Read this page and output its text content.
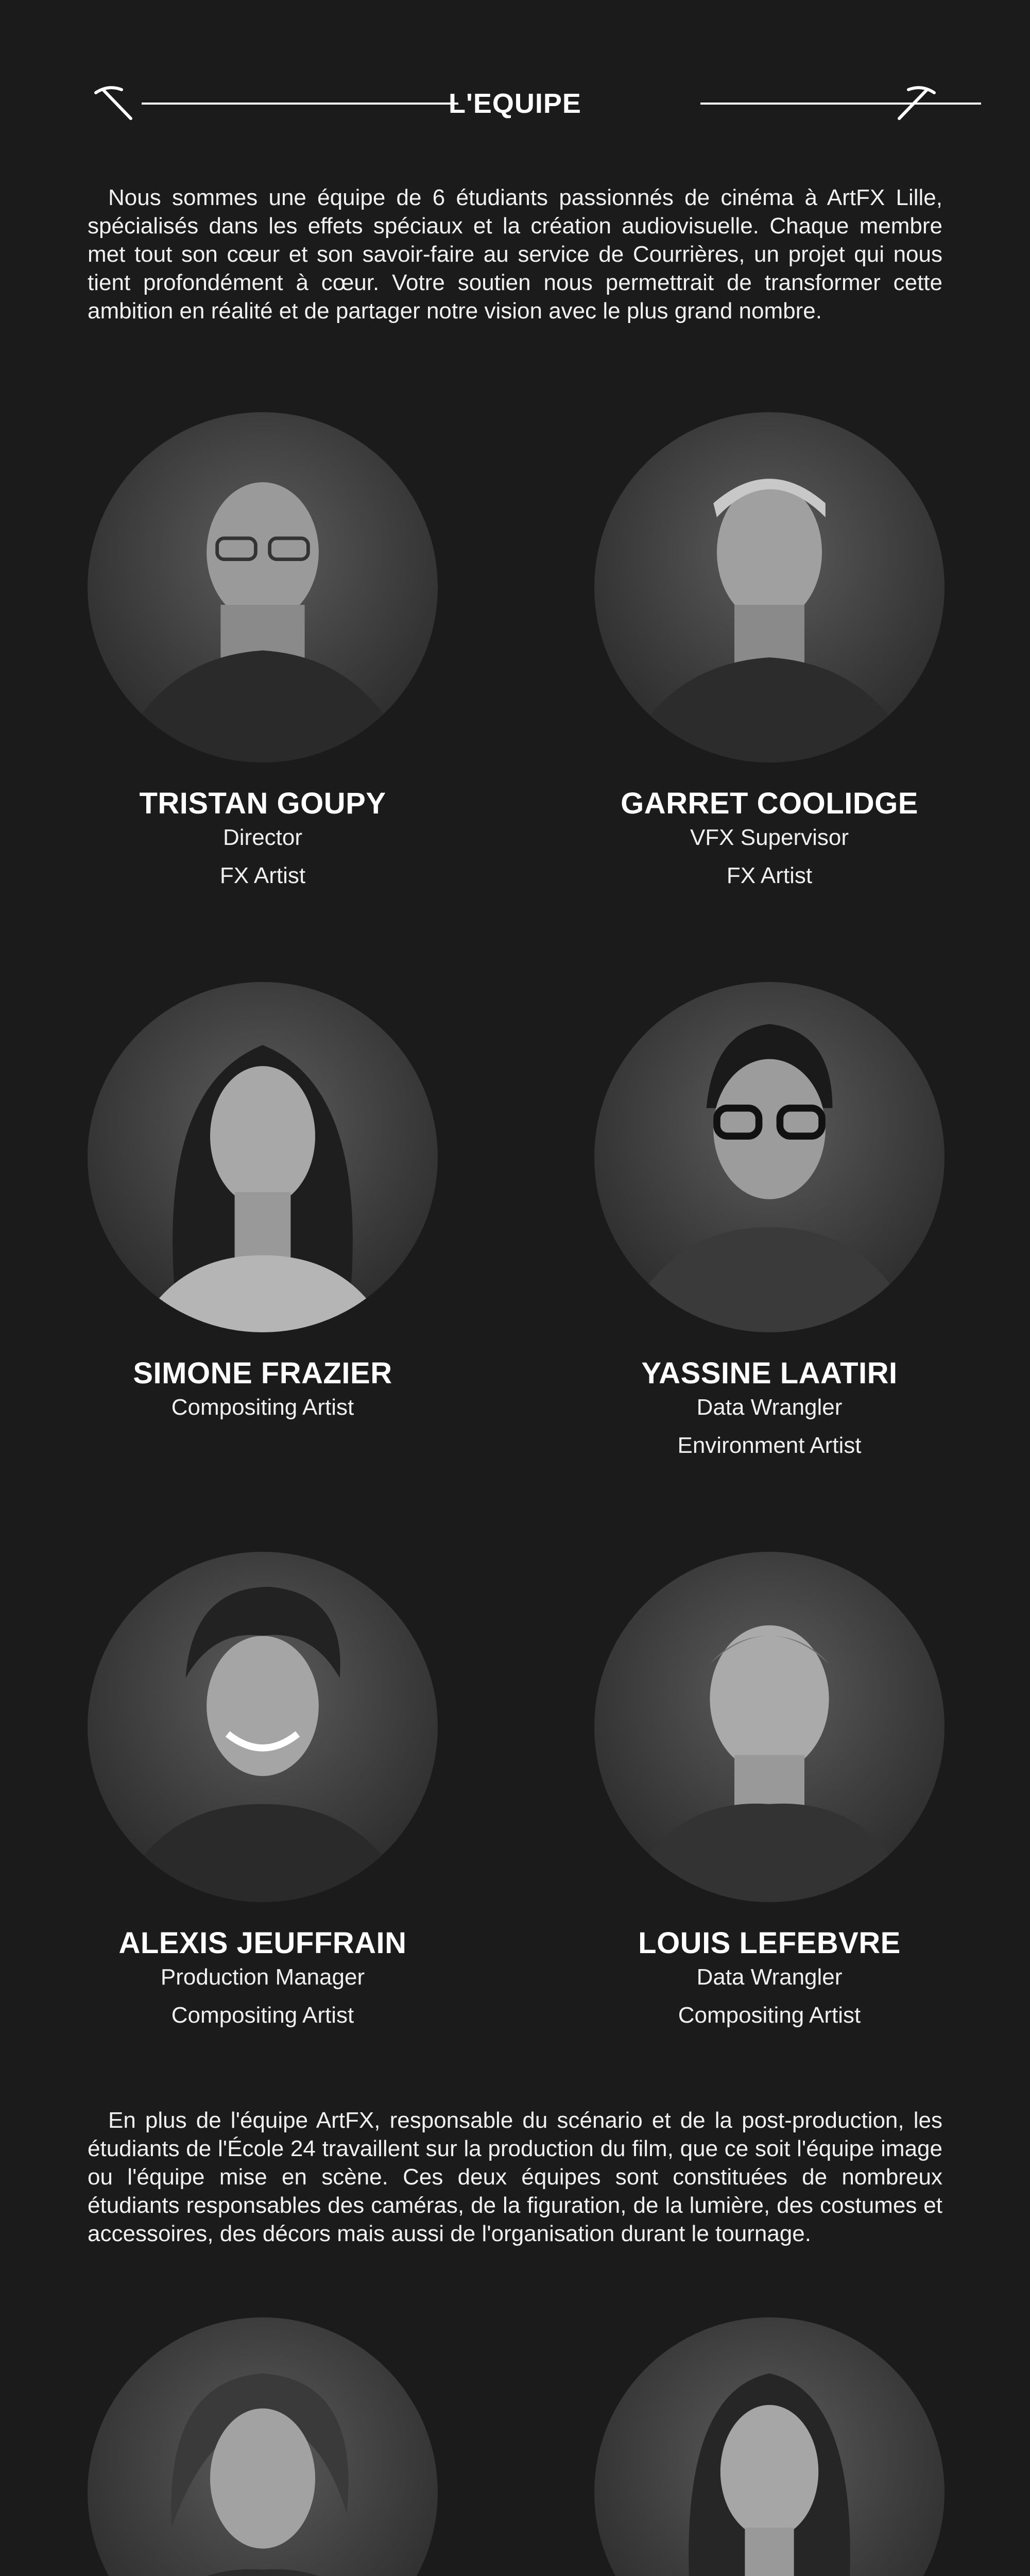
L'EQUIPE

Nous sommes une équipe de 6 étudiants passionnés de cinéma à ArtFX Lille, spécialisés dans les effets spéciaux et la création audiovisuelle. Chaque membre met tout son cœur et son savoir-faire au service de Courrières, un projet qui nous tient profondément à cœur. Votre soutien nous permettrait de transformer cette ambition en réalité et de partager notre vision avec le plus grand nombre.

TRISTAN GOUPY
Director
FX Artist
GARRET COOLIDGE
VFX Supervisor
FX Artist
SIMONE FRAZIER
Compositing Artist
YASSINE LAATIRI
Data Wrangler
Environment Artist
ALEXIS JEUFFRAIN
Production Manager
Compositing Artist
LOUIS LEFEBVRE
Data Wrangler
Compositing Artist

En plus de l'équipe ArtFX, responsable du scénario et de la post-production, les étudiants de l'École 24 travaillent sur la production du film, que ce soit l'équipe image ou l'équipe mise en scène. Ces deux équipes sont constituées de nombreux étudiants responsables des caméras, de la figuration, de la lumière, des costumes et accessoires, des décors mais aussi de l'organisation durant le tournage.
